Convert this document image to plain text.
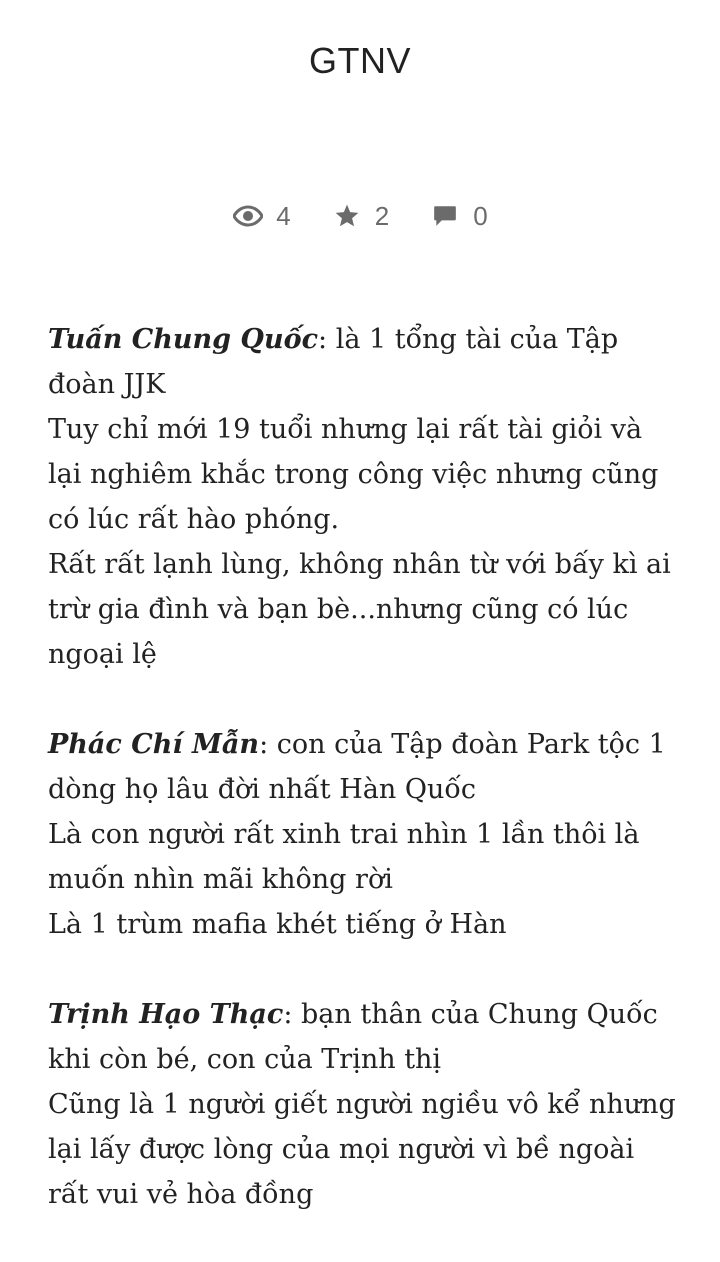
GTNV
4	2	0

Tuấn Chung Quốc: là 1 tổng tài của Tập
đoàn JJK
Tuy chỉ mới 19 tuổi nhưng lại rất tài giỏi và
lại nghiêm khắc trong công việc nhưng cũng
có lúc rất hào phóng.
Rất rất lạnh lùng, không nhân từ với bấy kì ai
trừ gia đình và bạn bè...nhưng cũng có lúc
ngoại lệ

Phác Chí Mẫn: con của Tập đoàn Park tộc 1
dòng họ lâu đời nhất Hàn Quốc
Là con người rất xinh trai nhìn 1 lần thôi là
muốn nhìn mãi không rời
Là 1 trùm mafia khét tiếng ở Hàn

Trịnh Hạo Thạc: bạn thân của Chung Quốc
khi còn bé, con của Trịnh thị
Cũng là 1 người giết người ngiều vô kể nhưng
lại lấy được lòng của mọi người vì bề ngoài
rất vui vẻ hòa đồng
